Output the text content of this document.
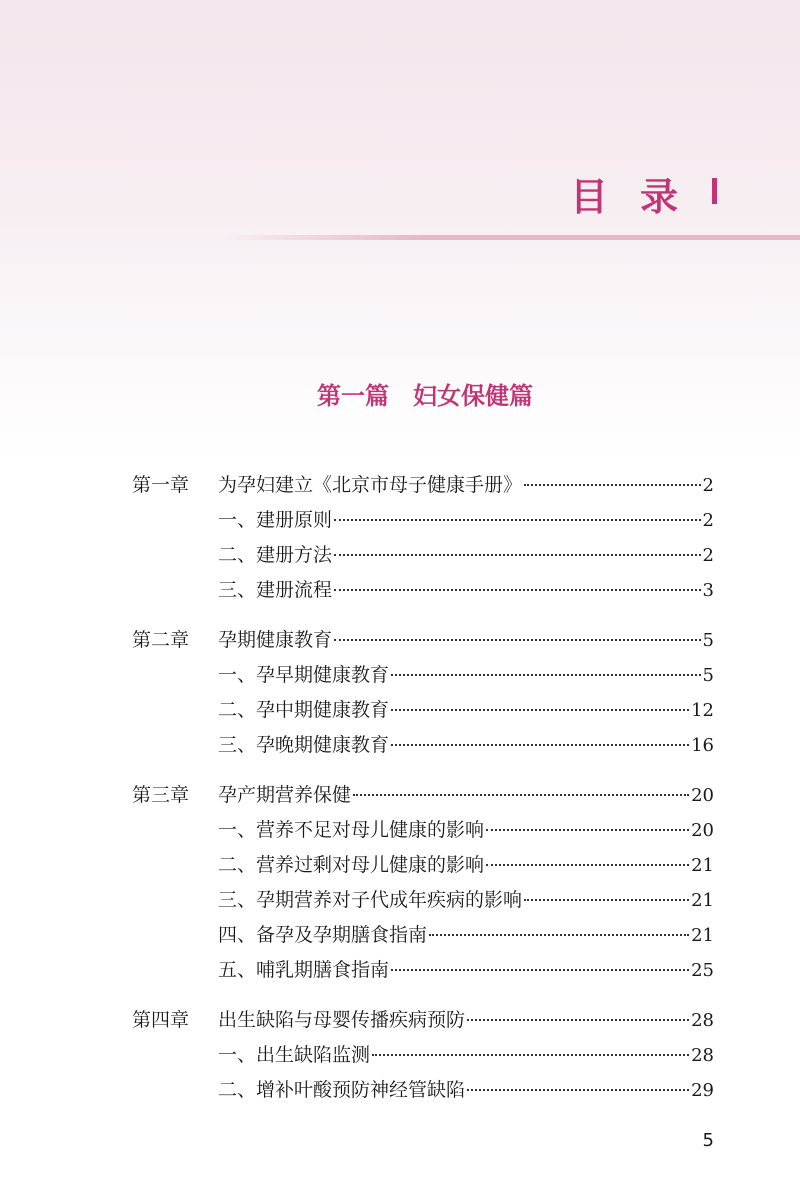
目录
第一篇　妇女保健篇
第一章	为孕妇建立《北京市母子健康手册》	2
一、建册原则	2
二、建册方法	2
三、建册流程	3
第二章	孕期健康教育	5
一、孕早期健康教育	5
二、孕中期健康教育	12
三、孕晚期健康教育	16
第三章	孕产期营养保健	20
一、营养不足对母儿健康的影响	20
二、营养过剩对母儿健康的影响	21
三、孕期营养对子代成年疾病的影响	21
四、备孕及孕期膳食指南	21
五、哺乳期膳食指南	25
第四章	出生缺陷与母婴传播疾病预防	28
一、出生缺陷监测	28
二、增补叶酸预防神经管缺陷	29
5
